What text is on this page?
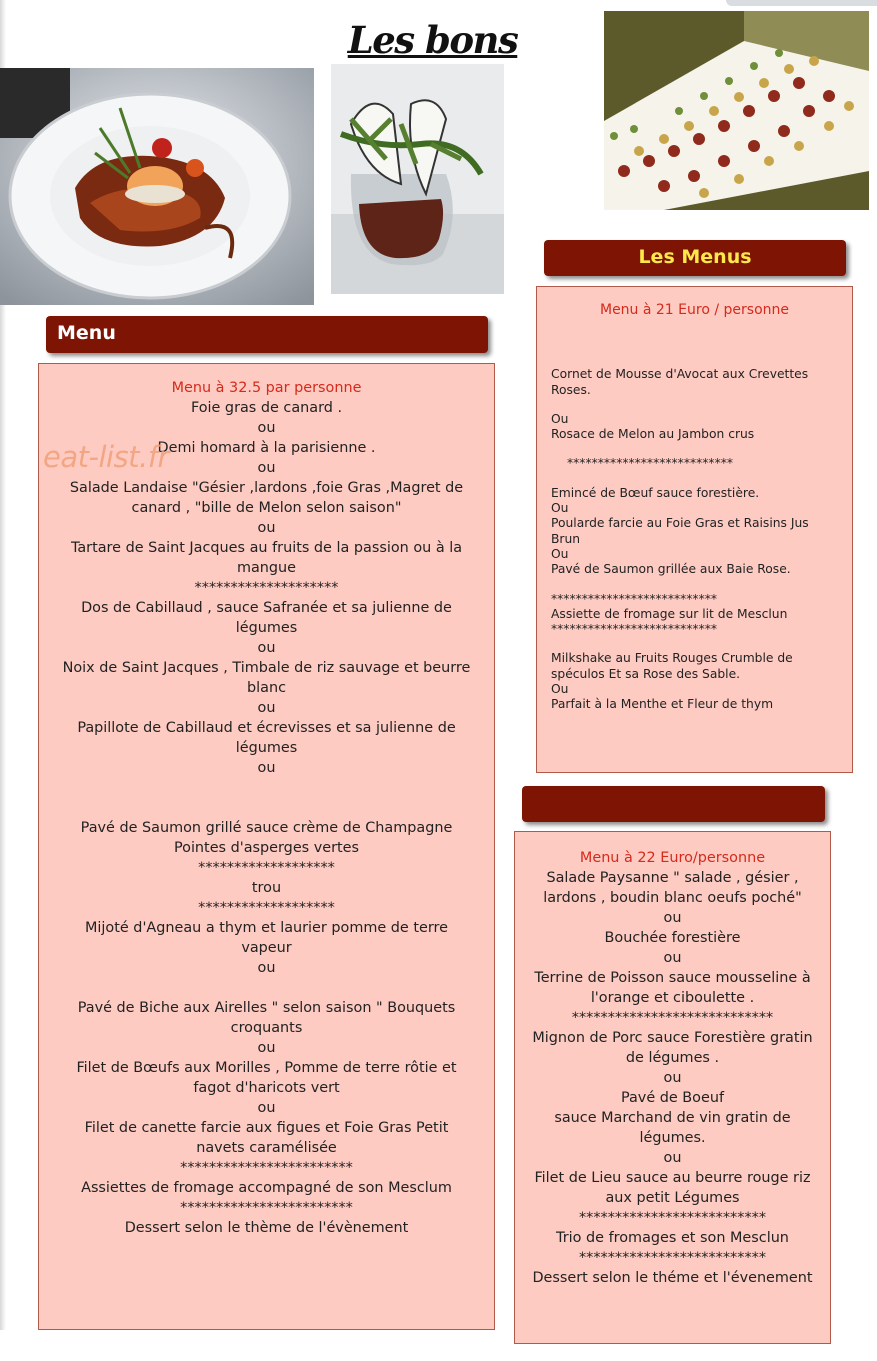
Les bons
Menu
Menu à 32.5 par personne
Foie gras de canard .
ou
Demi homard à la parisienne .
ou
Salade Landaise "Gésier ,lardons ,foie Gras ,Magret de canard , "bille de Melon selon saison"
ou
Tartare de Saint Jacques au fruits de la passion ou à la mangue
********************
Dos de Cabillaud , sauce Safranée et sa julienne de légumes
ou
Noix de Saint Jacques , Timbale de riz sauvage et beurre blanc
ou
Papillote de Cabillaud et écrevisses et sa julienne de légumes
ou
Pavé de Saumon grillé sauce crème de Champagne Pointes d'asperges vertes
*******************
trou
*******************
Mijoté d'Agneau a thym et laurier pomme de terre vapeur
ou
Pavé de Biche aux Airelles " selon saison " Bouquets croquants
ou
Filet de Bœufs aux Morilles , Pomme de terre rôtie et fagot d'haricots vert
ou
Filet de canette farcie aux figues et Foie Gras Petit navets caramélisée
************************
Assiettes de fromage accompagné de son Mesclum
************************
Dessert selon le thème de l'évènement
eat-list.fr
Les Menus
Menu à 21 Euro / personne
Cornet de Mousse d'Avocat aux Crevettes Roses.
Ou
Rosace de Melon au Jambon crus
***************************
Emincé de Bœuf sauce forestière.
Ou
Poularde farcie au Foie Gras et Raisins Jus Brun
Ou
Pavé de Saumon grillée aux Baie Rose.
***************************
Assiette de fromage sur lit de Mesclun
***************************
Milkshake au Fruits Rouges Crumble de spéculos Et sa Rose des Sable.
Ou
Parfait à la Menthe et Fleur de thym
Menu à 22 Euro/personne
Salade Paysanne " salade , gésier , lardons , boudin blanc oeufs poché"
ou
Bouchée forestière
ou
Terrine de Poisson sauce mousseline à l'orange et ciboulette .
****************************
Mignon de Porc sauce Forestière gratin de légumes .
ou
Pavé de Boeuf
sauce Marchand de vin gratin de légumes.
ou
Filet de Lieu sauce au beurre rouge riz aux petit Légumes
**************************
Trio de fromages et son Mesclun
**************************
Dessert selon le théme et l'évenement
